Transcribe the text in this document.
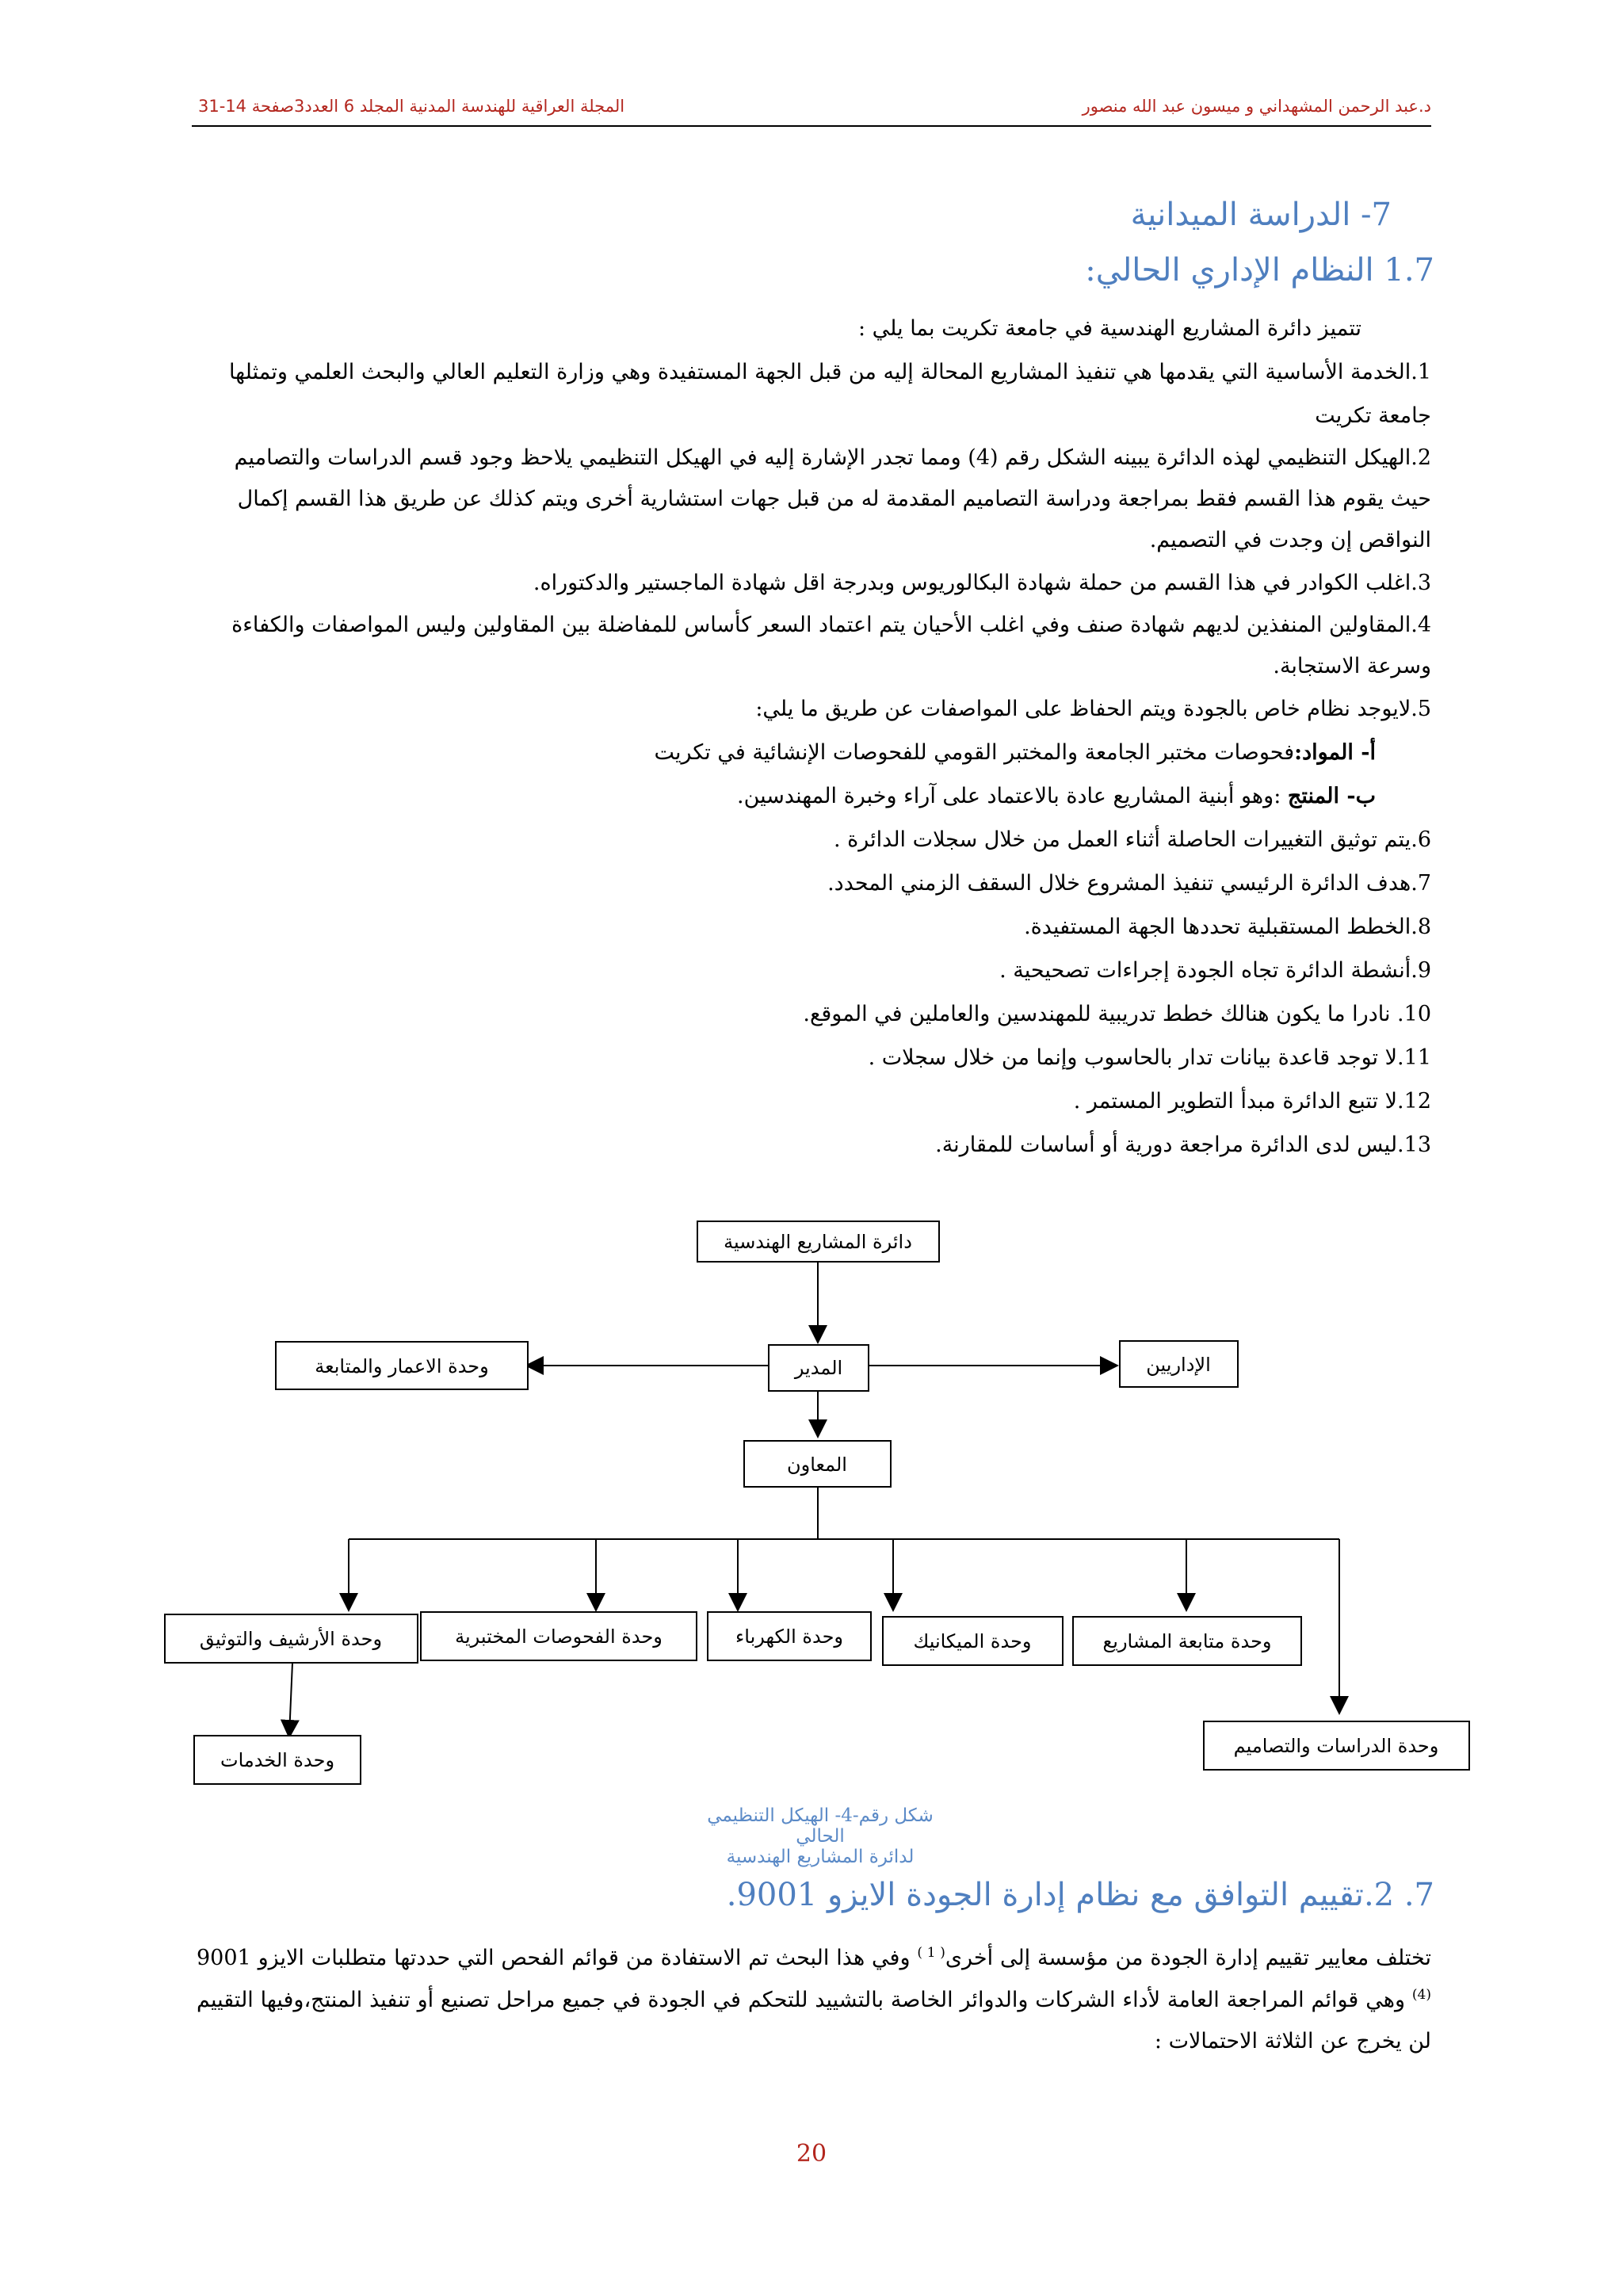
المجلة العراقية للهندسة المدنية المجلد 6 العدد3صفحة 14-31	د.عبد الرحمن المشهداني و ميسون عبد الله منصور
7- الدراسة الميدانية
1.7 النظام الإداري الحالي:
تتميز دائرة المشاريع الهندسية في جامعة تكريت بما يلي :

1.الخدمة الأساسية التي يقدمها هي تنفيذ المشاريع المحالة إليه من قبل الجهة المستفيدة وهي وزارة التعليم العالي والبحث العلمي وتمثلها جامعة تكريت

2.الهيكل التنظيمي لهذه الدائرة يبينه الشكل رقم (4) ومما تجدر الإشارة إليه في الهيكل التنظيمي يلاحظ وجود قسم الدراسات والتصاميم حيث يقوم هذا القسم فقط بمراجعة ودراسة التصاميم المقدمة له من قبل جهات استشارية أخرى ويتم كذلك عن طريق هذا القسم إكمال النواقص إن وجدت في التصميم.

3.اغلب الكوادر في هذا القسم من حملة شهادة البكالوريوس وبدرجة اقل شهادة الماجستير والدكتوراه.

4.المقاولين المنفذين لديهم شهادة صنف وفي اغلب الأحيان يتم اعتماد السعر كأساس للمفاضلة بين المقاولين وليس المواصفات والكفاءة وسرعة الاستجابة.

5.لايوجد نظام خاص بالجودة ويتم الحفاظ على المواصفات عن طريق ما يلي:

أ- المواد:فحوصات مختبر الجامعة والمختبر القومي للفحوصات الإنشائية في تكريت

ب- المنتج :وهو أبنية المشاريع عادة بالاعتماد على آراء وخبرة المهندسين.

6.يتم توثيق التغييرات الحاصلة أثناء العمل من خلال سجلات الدائرة .

7.هدف الدائرة الرئيسي تنفيذ المشروع خلال السقف الزمني المحدد.

8.الخطط المستقبلية تحددها الجهة المستفيدة.

9.أنشطة الدائرة تجاه الجودة إجراءات تصحيحية .

10. نادرا ما يكون هنالك خطط تدريبية للمهندسين والعاملين في الموقع.

11.لا توجد قاعدة بيانات تدار بالحاسوب وإنما من خلال سجلات .

12.لا تتبع الدائرة مبدأ التطوير المستمر .

13.ليس لدى الدائرة مراجعة دورية أو أساسات للمقارنة.

دائرة المشاريع الهندسية
المدير
وحدة الاعمار والمتابعة	الإداريين
المعاون
وحدة الأرشيف والتوثيق	وحدة الفحوصات المختبرية	وحدة الكهرباء	وحدة الميكانيك	وحدة متابعة المشاريع
وحدة الخدمات
وحدة الدراسات والتصاميم
شكل رقم-4- الهيكل التنظيمي الحالي
لدائرة المشاريع الهندسية
7. 2.تقييم التوافق مع نظام إدارة الجودة الايزو 9001.
تختلف معايير تقييم إدارة الجودة من مؤسسة إلى أخرى$^{( 1 )}$ وفي هذا البحث تم الاستفادة من قوائم الفحص التي حددتها متطلبات الايزو 9001 $^{(4)}$ وهي قوائم المراجعة العامة لأداء الشركات والدوائر الخاصة بالتشييد للتحكم في الجودة في جميع مراحل تصنيع أو تنفيذ المنتج،وفيها التقييم لن يخرج عن الثلاثة الاحتمالات :
20
